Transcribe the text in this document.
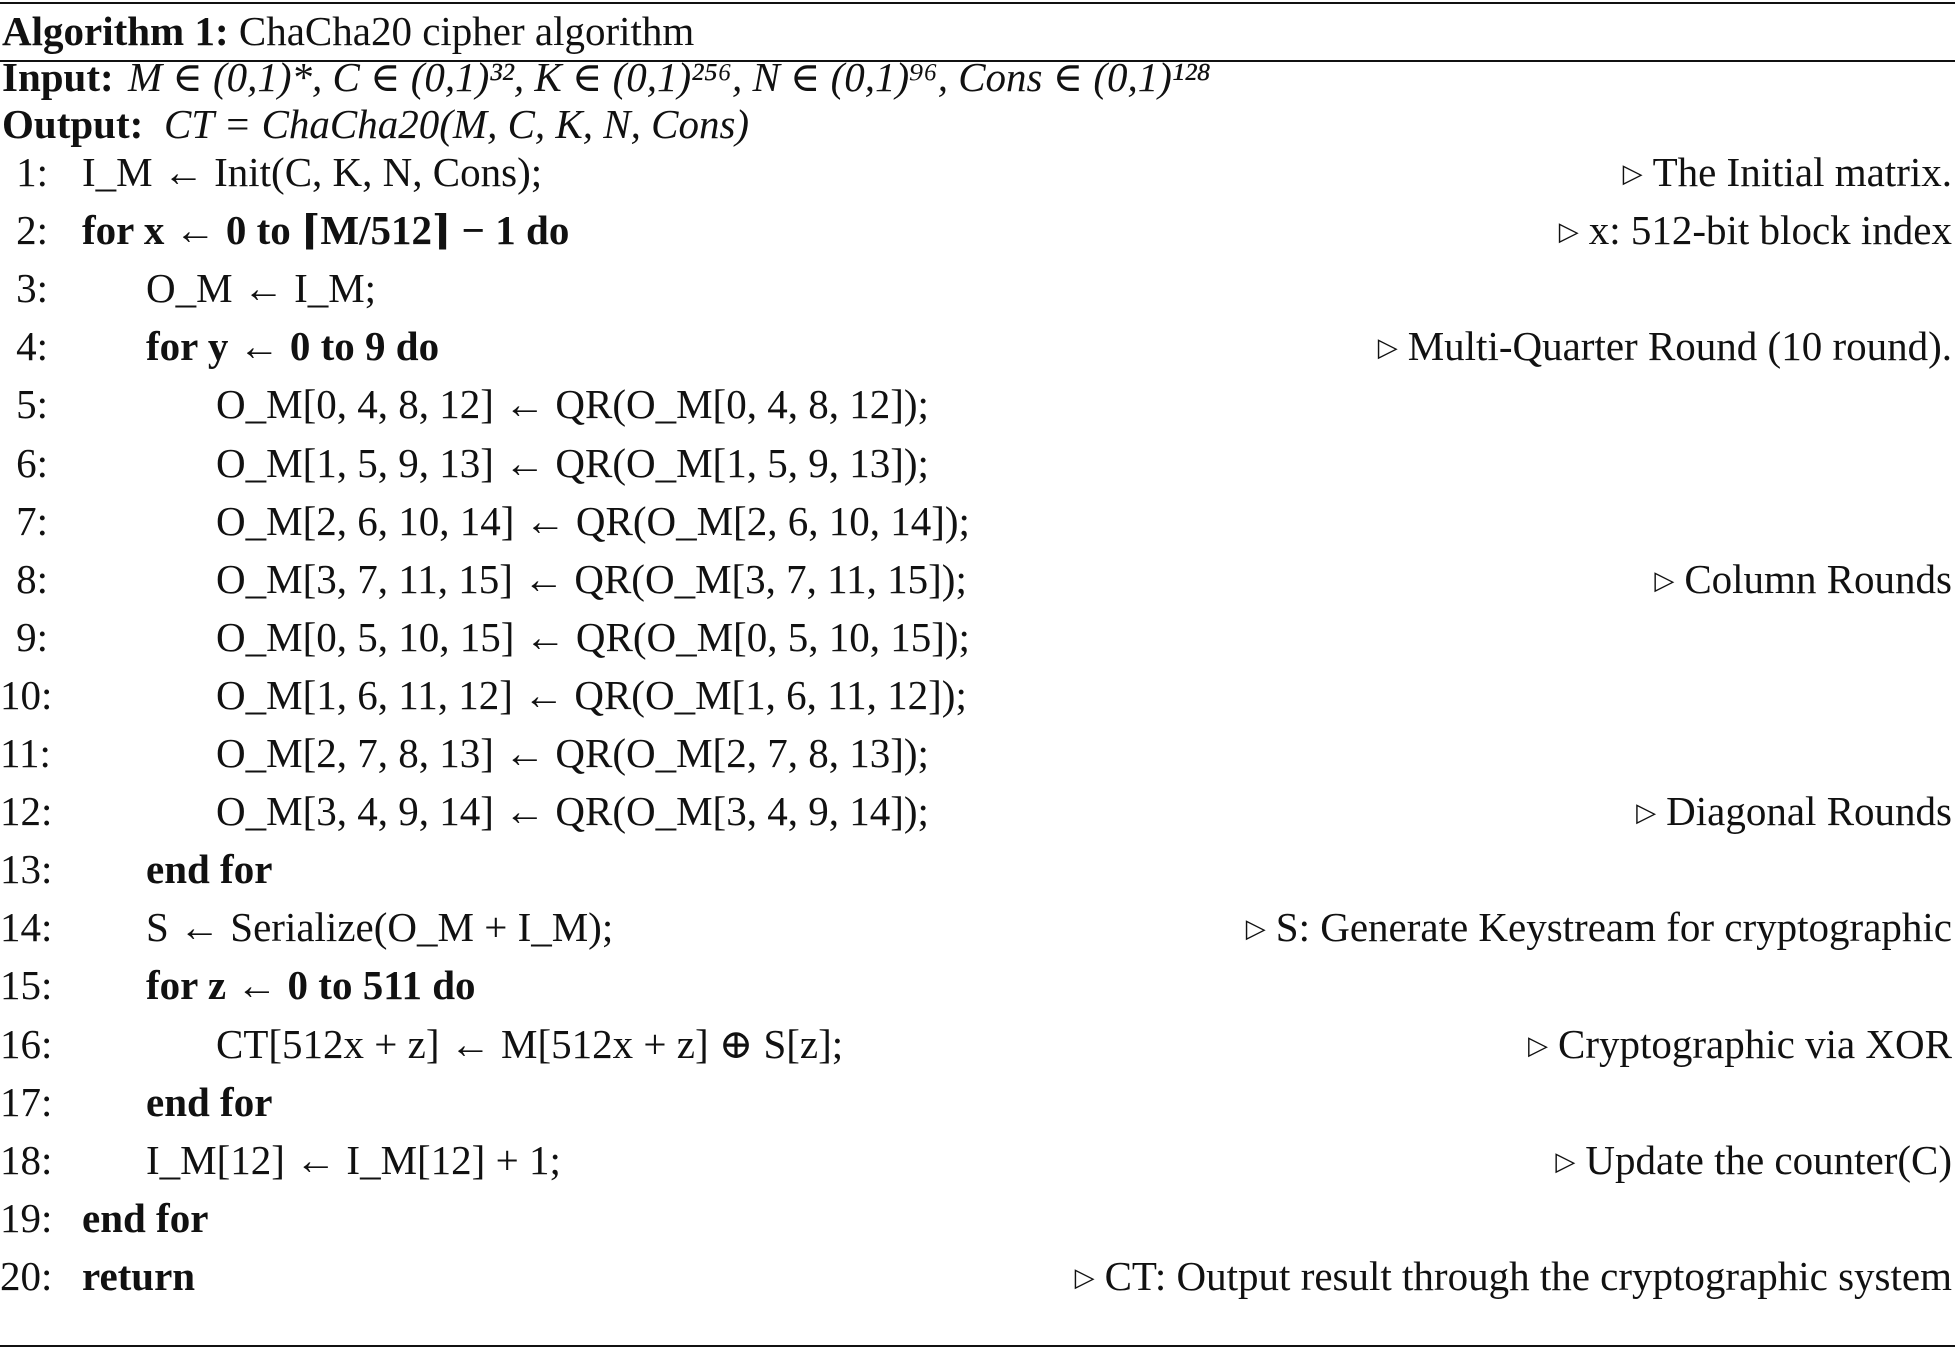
Algorithm 1: ChaCha20 cipher algorithm
Input: M ∈ (0,1)*, C ∈ (0,1)³², K ∈ (0,1)²⁵⁶, N ∈ (0,1)⁹⁶, Cons ∈ (0,1)¹²⁸
Output: CT = ChaCha20(M, C, K, N, Cons)
1: I_M ← Init(C, K, N, Cons);	▷ The Initial matrix.
2: for x ← 0 to ⌈M/512⌉ − 1 do	▷ x: 512-bit block index
3: O_M ← I_M;
4: for y ← 0 to 9 do	▷ Multi-Quarter Round (10 round).
5:	O_M[0, 4, 8, 12] ← QR(O_M[0, 4, 8, 12]);
6:	O_M[1, 5, 9, 13] ← QR(O_M[1, 5, 9, 13]);
7:	O_M[2, 6, 10, 14] ← QR(O_M[2, 6, 10, 14]);
8:	O_M[3, 7, 11, 15] ← QR(O_M[3, 7, 11, 15]);	▷ Column Rounds
9:	O_M[0, 5, 10, 15] ← QR(O_M[0, 5, 10, 15]);
10:	O_M[1, 6, 11, 12] ← QR(O_M[1, 6, 11, 12]);
11:	O_M[2, 7, 8, 13] ← QR(O_M[2, 7, 8, 13]);
12:	O_M[3, 4, 9, 14] ← QR(O_M[3, 4, 9, 14]);	▷ Diagonal Rounds
13: end for
14: S ← Serialize(O_M + I_M);	▷ S: Generate Keystream for cryptographic
15: for z ← 0 to 511 do
16:	CT[512x + z] ← M[512x + z] ⊕ S[z];	▷ Cryptographic via XOR
17: end for
18: I_M[12] ← I_M[12] + 1;	▷ Update the counter(C)
19: end for
20: return	▷ CT: Output result through the cryptographic system
